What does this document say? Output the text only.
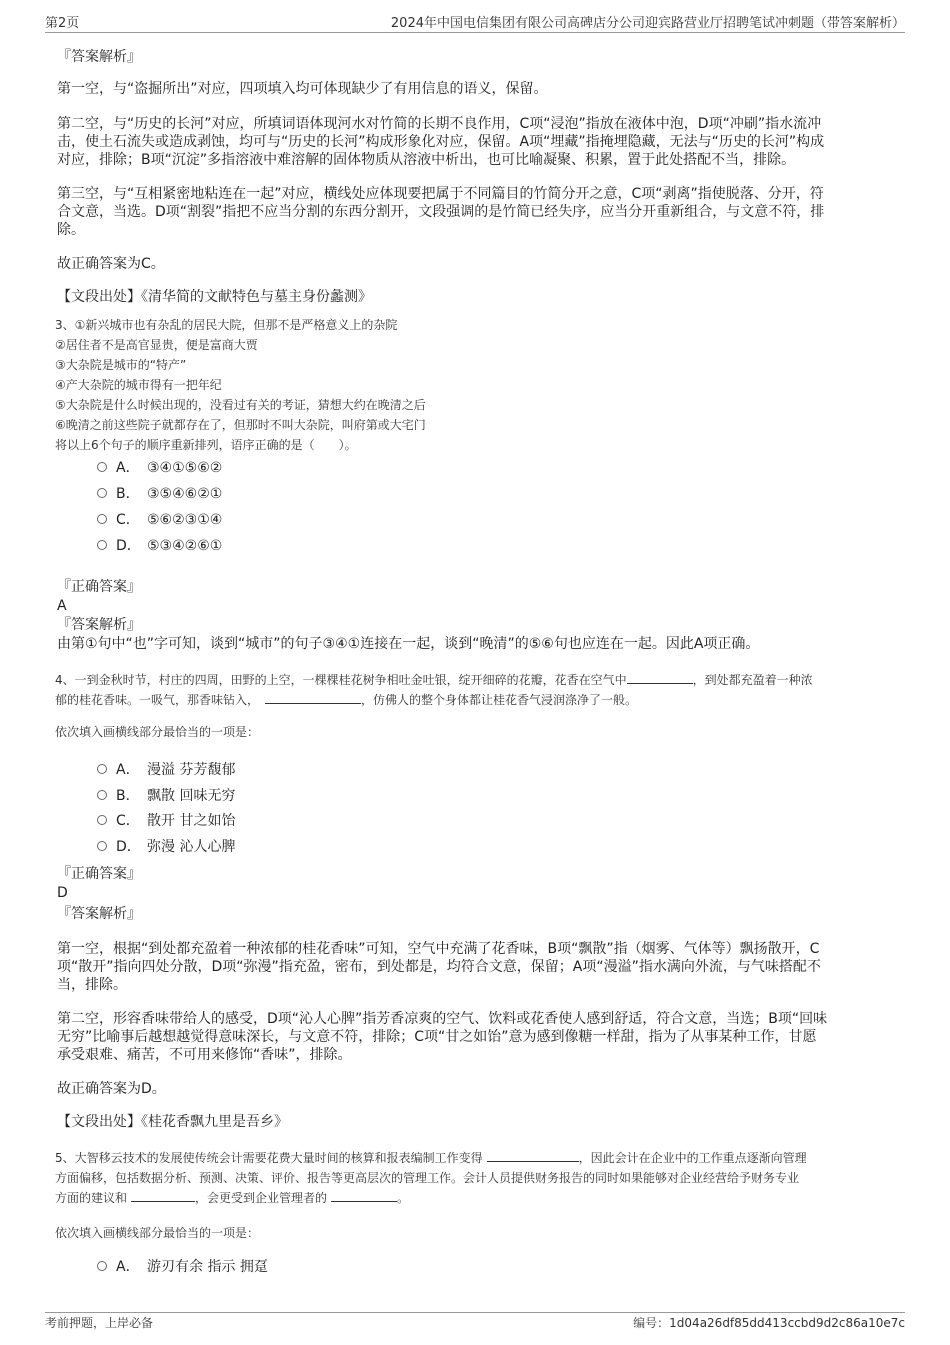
第2页	2024年中国电信集团有限公司高碑店分公司迎宾路营业厅招聘笔试冲刺题（带答案解析）
『答案解析』
第一空，与“盗掘所出”对应，四项填入均可体现缺少了有用信息的语义，保留。
第二空，与“历史的长河”对应，所填词语体现河水对竹简的长期不良作用，C项“浸泡”指放在液体中泡，D项“冲刷”指水流冲
击，使土石流失或造成剥蚀，均可与“历史的长河”构成形象化对应，保留。A项“埋藏”指掩埋隐藏，无法与“历史的长河”构成
对应，排除；B项“沉淀”多指溶液中难溶解的固体物质从溶液中析出，也可比喻凝聚、积累，置于此处搭配不当，排除。
第三空，与“互相紧密地粘连在一起”对应，横线处应体现要把属于不同篇目的竹简分开之意，C项“剥离”指使脱落、分开，符
合文意，当选。D项“割裂”指把不应当分割的东西分割开，文段强调的是竹简已经失序，应当分开重新组合，与文意不符，排
除。
故正确答案为C。
【文段出处】《清华简的文献特色与墓主身份蠡测》
3、①新兴城市也有杂乱的居民大院，但那不是严格意义上的杂院
②居住者不是高官显贵，便是富商大贾
③大杂院是城市的“特产”
④产大杂院的城市得有一把年纪
⑤大杂院是什么时候出现的，没看过有关的考证，猜想大约在晚清之后
⑥晚清之前这些院子就都存在了，但那时不叫大杂院，叫府第或大宅门
将以上6个句子的顺序重新排列，语序正确的是（　　）。
A． ③④①⑤⑥②
B． ③⑤④⑥②①
C． ⑤⑥②③①④
D． ⑤③④②⑥①
『正确答案』
A
『答案解析』
由第①句中“也”字可知，谈到“城市”的句子③④①连接在一起，谈到“晚清”的⑤⑥句也应连在一起。因此A项正确。
4、一到金秋时节，村庄的四周，田野的上空，一棵棵桂花树争相吐金吐银，绽开细碎的花瓣，花香在空气中	，到处都充盈着一种浓
郁的桂花香味。一吸气，那香味钻入，	，仿佛人的整个身体都让桂花香气浸润涤净了一般。
依次填入画横线部分最恰当的一项是：
A． 漫溢 芬芳馥郁
B． 飘散 回味无穷
C． 散开 甘之如饴
D． 弥漫 沁人心脾
『正确答案』
D
『答案解析』
第一空，根据“到处都充盈着一种浓郁的桂花香味”可知，空气中充满了花香味，B项“飘散”指（烟雾、气体等）飘扬散开，C
项“散开”指向四处分散，D项“弥漫”指充盈，密布，到处都是，均符合文意，保留；A项“漫溢”指水满向外流，与气味搭配不
当，排除。
第二空，形容香味带给人的感受，D项“沁人心脾”指芳香凉爽的空气、饮料或花香使人感到舒适，符合文意，当选；B项“回味
无穷”比喻事后越想越觉得意味深长，与文意不符，排除；C项“甘之如饴”意为感到像糖一样甜，指为了从事某种工作，甘愿
承受艰难、痛苦，不可用来修饰“香味”，排除。
故正确答案为D。
【文段出处】《桂花香飘九里是吾乡》
5、大智移云技术的发展使传统会计需要花费大量时间的核算和报表编制工作变得	，因此会计在企业中的工作重点逐渐向管理
方面偏移，包括数据分析、预测、决策、评价、报告等更高层次的管理工作。会计人员提供财务报告的同时如果能够对企业经营给予财务专业
方面的建议和	，会更受到企业管理者的	。
依次填入画横线部分最恰当的一项是：
A． 游刃有余 指示 拥趸
考前押题，上岸必备	编号：1d04a26df85dd413ccbd9d2c86a10e7c
